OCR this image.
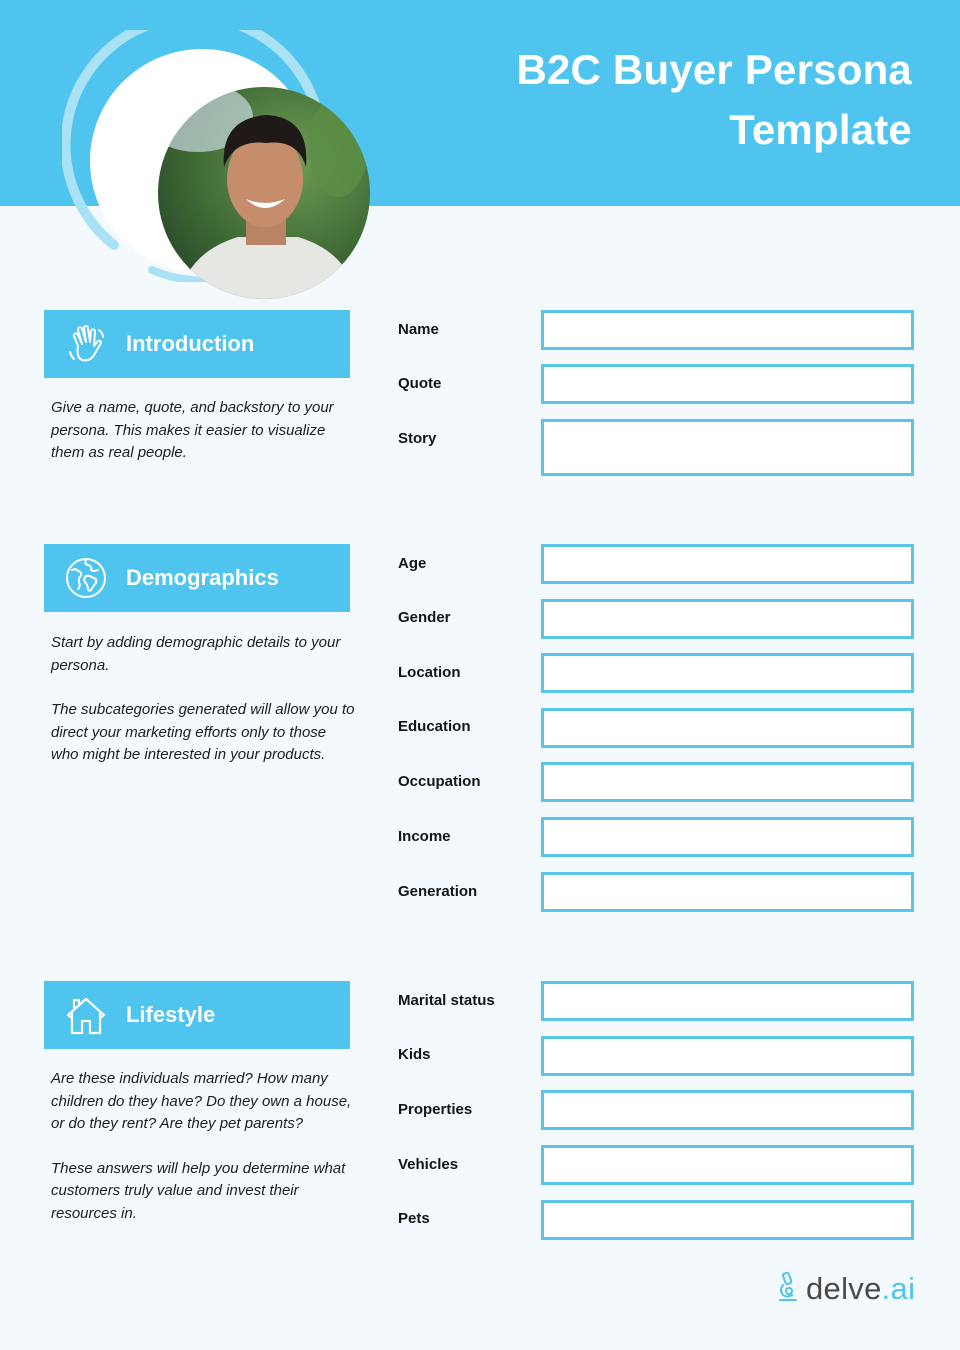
B2C Buyer Persona
Template
Introduction

Give a name, quote, and backstory to your persona. This makes it easier to visualize them as real people.

Name
Quote
Story
Demographics

Start by adding demographic details to your persona.

The subcategories generated will allow you to direct your marketing efforts only to those who might be interested in your products.

Age
Gender
Location
Education
Occupation
Income
Generation
Lifestyle

Are these individuals married? How many children do they have? Do they own a house, or do they rent? Are they pet parents?

These answers will help you determine what customers truly value and invest their resources in.

Marital status
Kids
Properties
Vehicles
Pets
delve.ai
